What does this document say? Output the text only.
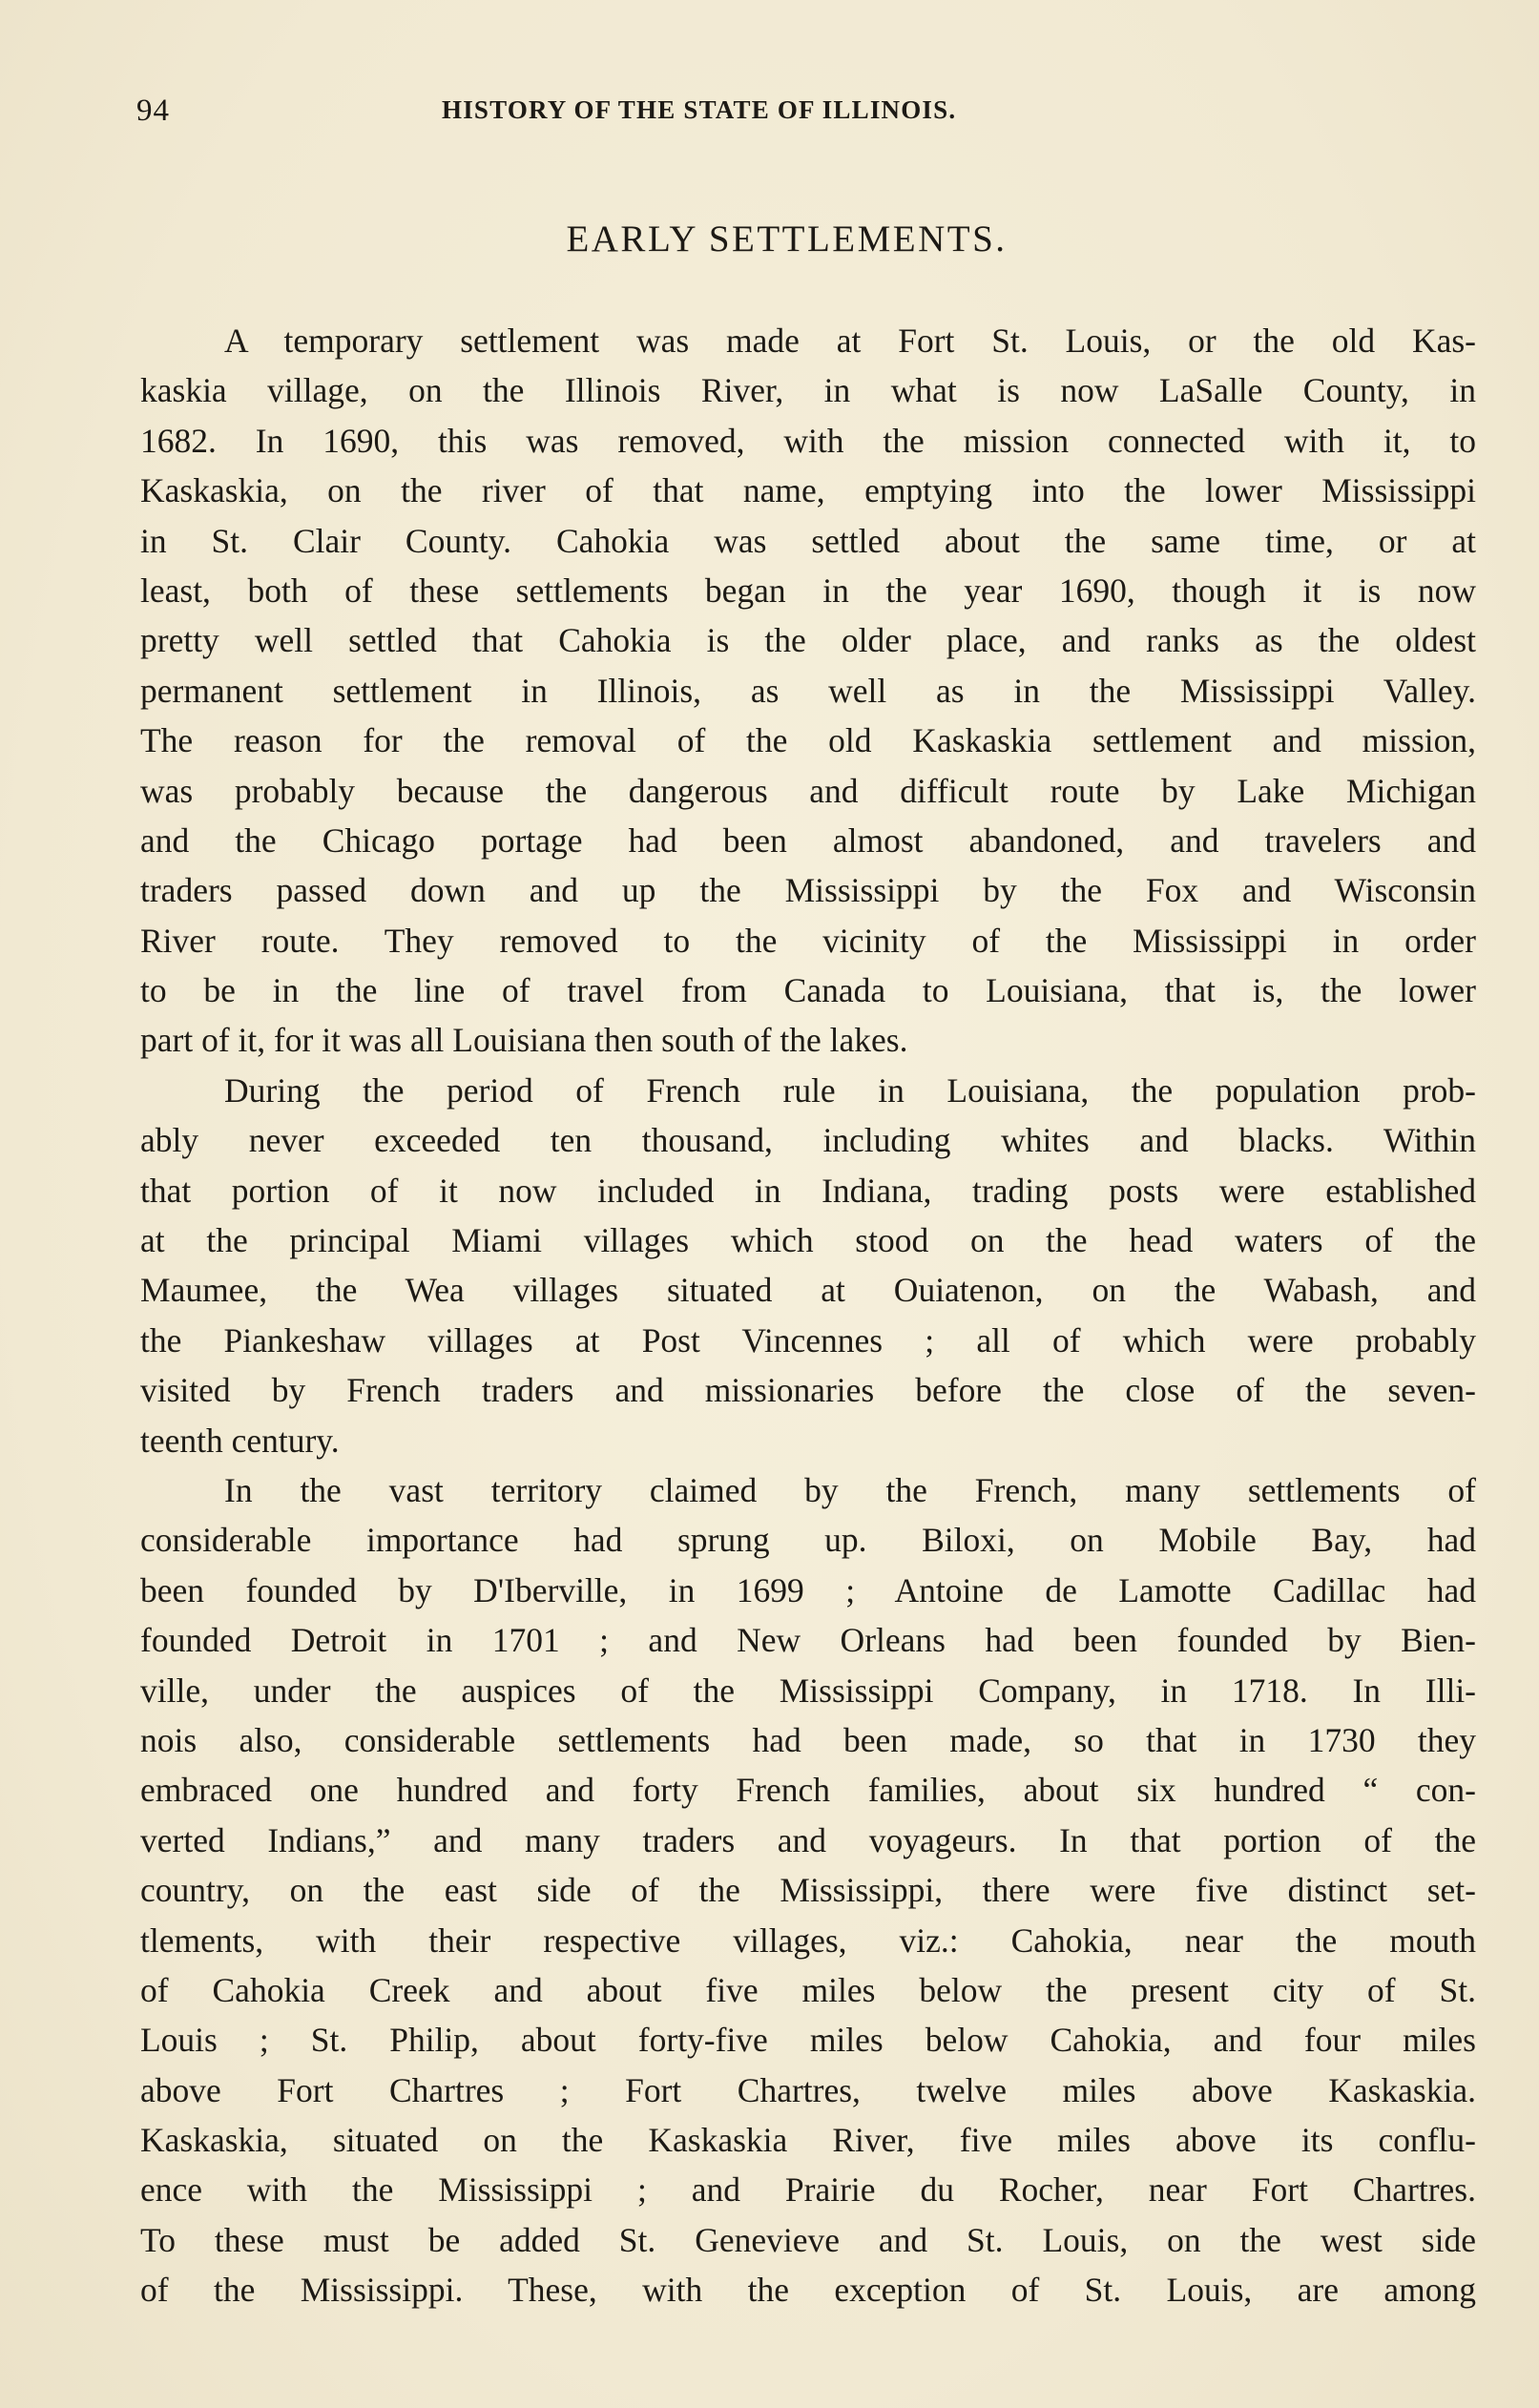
94	HISTORY OF THE STATE OF ILLINOIS.
EARLY SETTLEMENTS.
A temporary settlement was made at Fort St. Louis, or the old Kas-
kaskia village, on the Illinois River, in what is now LaSalle County, in
1682. In 1690, this was removed, with the mission connected with it, to
Kaskaskia, on the river of that name, emptying into the lower Mississippi
in St. Clair County. Cahokia was settled about the same time, or at
least, both of these settlements began in the year 1690, though it is now
pretty well settled that Cahokia is the older place, and ranks as the oldest
permanent settlement in Illinois, as well as in the Mississippi Valley.
The reason for the removal of the old Kaskaskia settlement and mission,
was probably because the dangerous and difficult route by Lake Michigan
and the Chicago portage had been almost abandoned, and travelers and
traders passed down and up the Mississippi by the Fox and Wisconsin
River route. They removed to the vicinity of the Mississippi in order
to be in the line of travel from Canada to Louisiana, that is, the lower
part of it, for it was all Louisiana then south of the lakes.
During the period of French rule in Louisiana, the population prob-
ably never exceeded ten thousand, including whites and blacks. Within
that portion of it now included in Indiana, trading posts were established
at the principal Miami villages which stood on the head waters of the
Maumee, the Wea villages situated at Ouiatenon, on the Wabash, and
the Piankeshaw villages at Post Vincennes ; all of which were probably
visited by French traders and missionaries before the close of the seven-
teenth century.
In the vast territory claimed by the French, many settlements of
considerable importance had sprung up. Biloxi, on Mobile Bay, had
been founded by D'Iberville, in 1699 ; Antoine de Lamotte Cadillac had
founded Detroit in 1701 ; and New Orleans had been founded by Bien-
ville, under the auspices of the Mississippi Company, in 1718. In Illi-
nois also, considerable settlements had been made, so that in 1730 they
embraced one hundred and forty French families, about six hundred “ con-
verted Indians,” and many traders and voyageurs. In that portion of the
country, on the east side of the Mississippi, there were five distinct set-
tlements, with their respective villages, viz.: Cahokia, near the mouth
of Cahokia Creek and about five miles below the present city of St.
Louis ; St. Philip, about forty-five miles below Cahokia, and four miles
above Fort Chartres ; Fort Chartres, twelve miles above Kaskaskia.
Kaskaskia, situated on the Kaskaskia River, five miles above its conflu-
ence with the Mississippi ; and Prairie du Rocher, near Fort Chartres.
To these must be added St. Genevieve and St. Louis, on the west side
of the Mississippi. These, with the exception of St. Louis, are among
